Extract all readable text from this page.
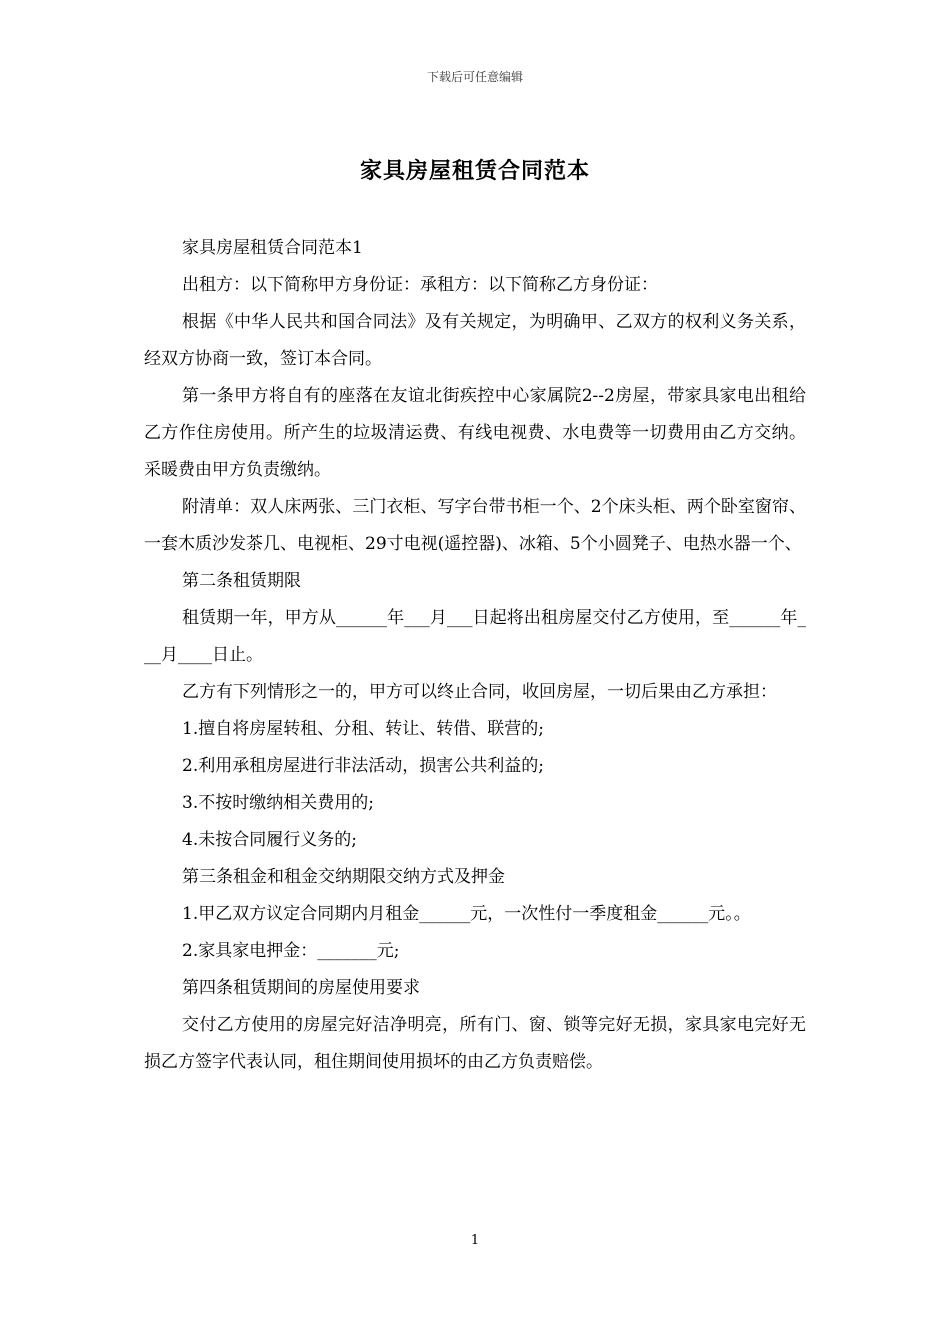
下载后可任意编辑
家具房屋租赁合同范本

家具房屋租赁合同范本1

出租方：以下简称甲方身份证：承租方：以下简称乙方身份证：

根据《中华人民共和国合同法》及有关规定，为明确甲、乙双方的权利义务关系，经双方协商一致，签订本合同。

第一条甲方将自有的座落在友谊北街疾控中心家属院2--2房屋，带家具家电出租给乙方作住房使用。所产生的垃圾清运费、有线电视费、水电费等一切费用由乙方交纳。采暖费由甲方负责缴纳。

附清单：双人床两张、三门衣柜、写字台带书柜一个、2个床头柜、两个卧室窗帘、一套木质沙发茶几、电视柜、29寸电视(遥控器)、冰箱、5个小圆凳子、电热水器一个、

第二条租赁期限

租赁期一年，甲方从______年___月___日起将出租房屋交付乙方使用，至______年___月____日止。

乙方有下列情形之一的，甲方可以终止合同，收回房屋，一切后果由乙方承担：

1.擅自将房屋转租、分租、转让、转借、联营的;

2.利用承租房屋进行非法活动，损害公共利益的;

3.不按时缴纳相关费用的;

4.未按合同履行义务的;

第三条租金和租金交纳期限交纳方式及押金

1.甲乙双方议定合同期内月租金______元，一次性付一季度租金______元。。

2.家具家电押金：_______元;

第四条租赁期间的房屋使用要求

交付乙方使用的房屋完好洁净明亮，所有门、窗、锁等完好无损，家具家电完好无损乙方签字代表认同，租住期间使用损坏的由乙方负责赔偿。

1
